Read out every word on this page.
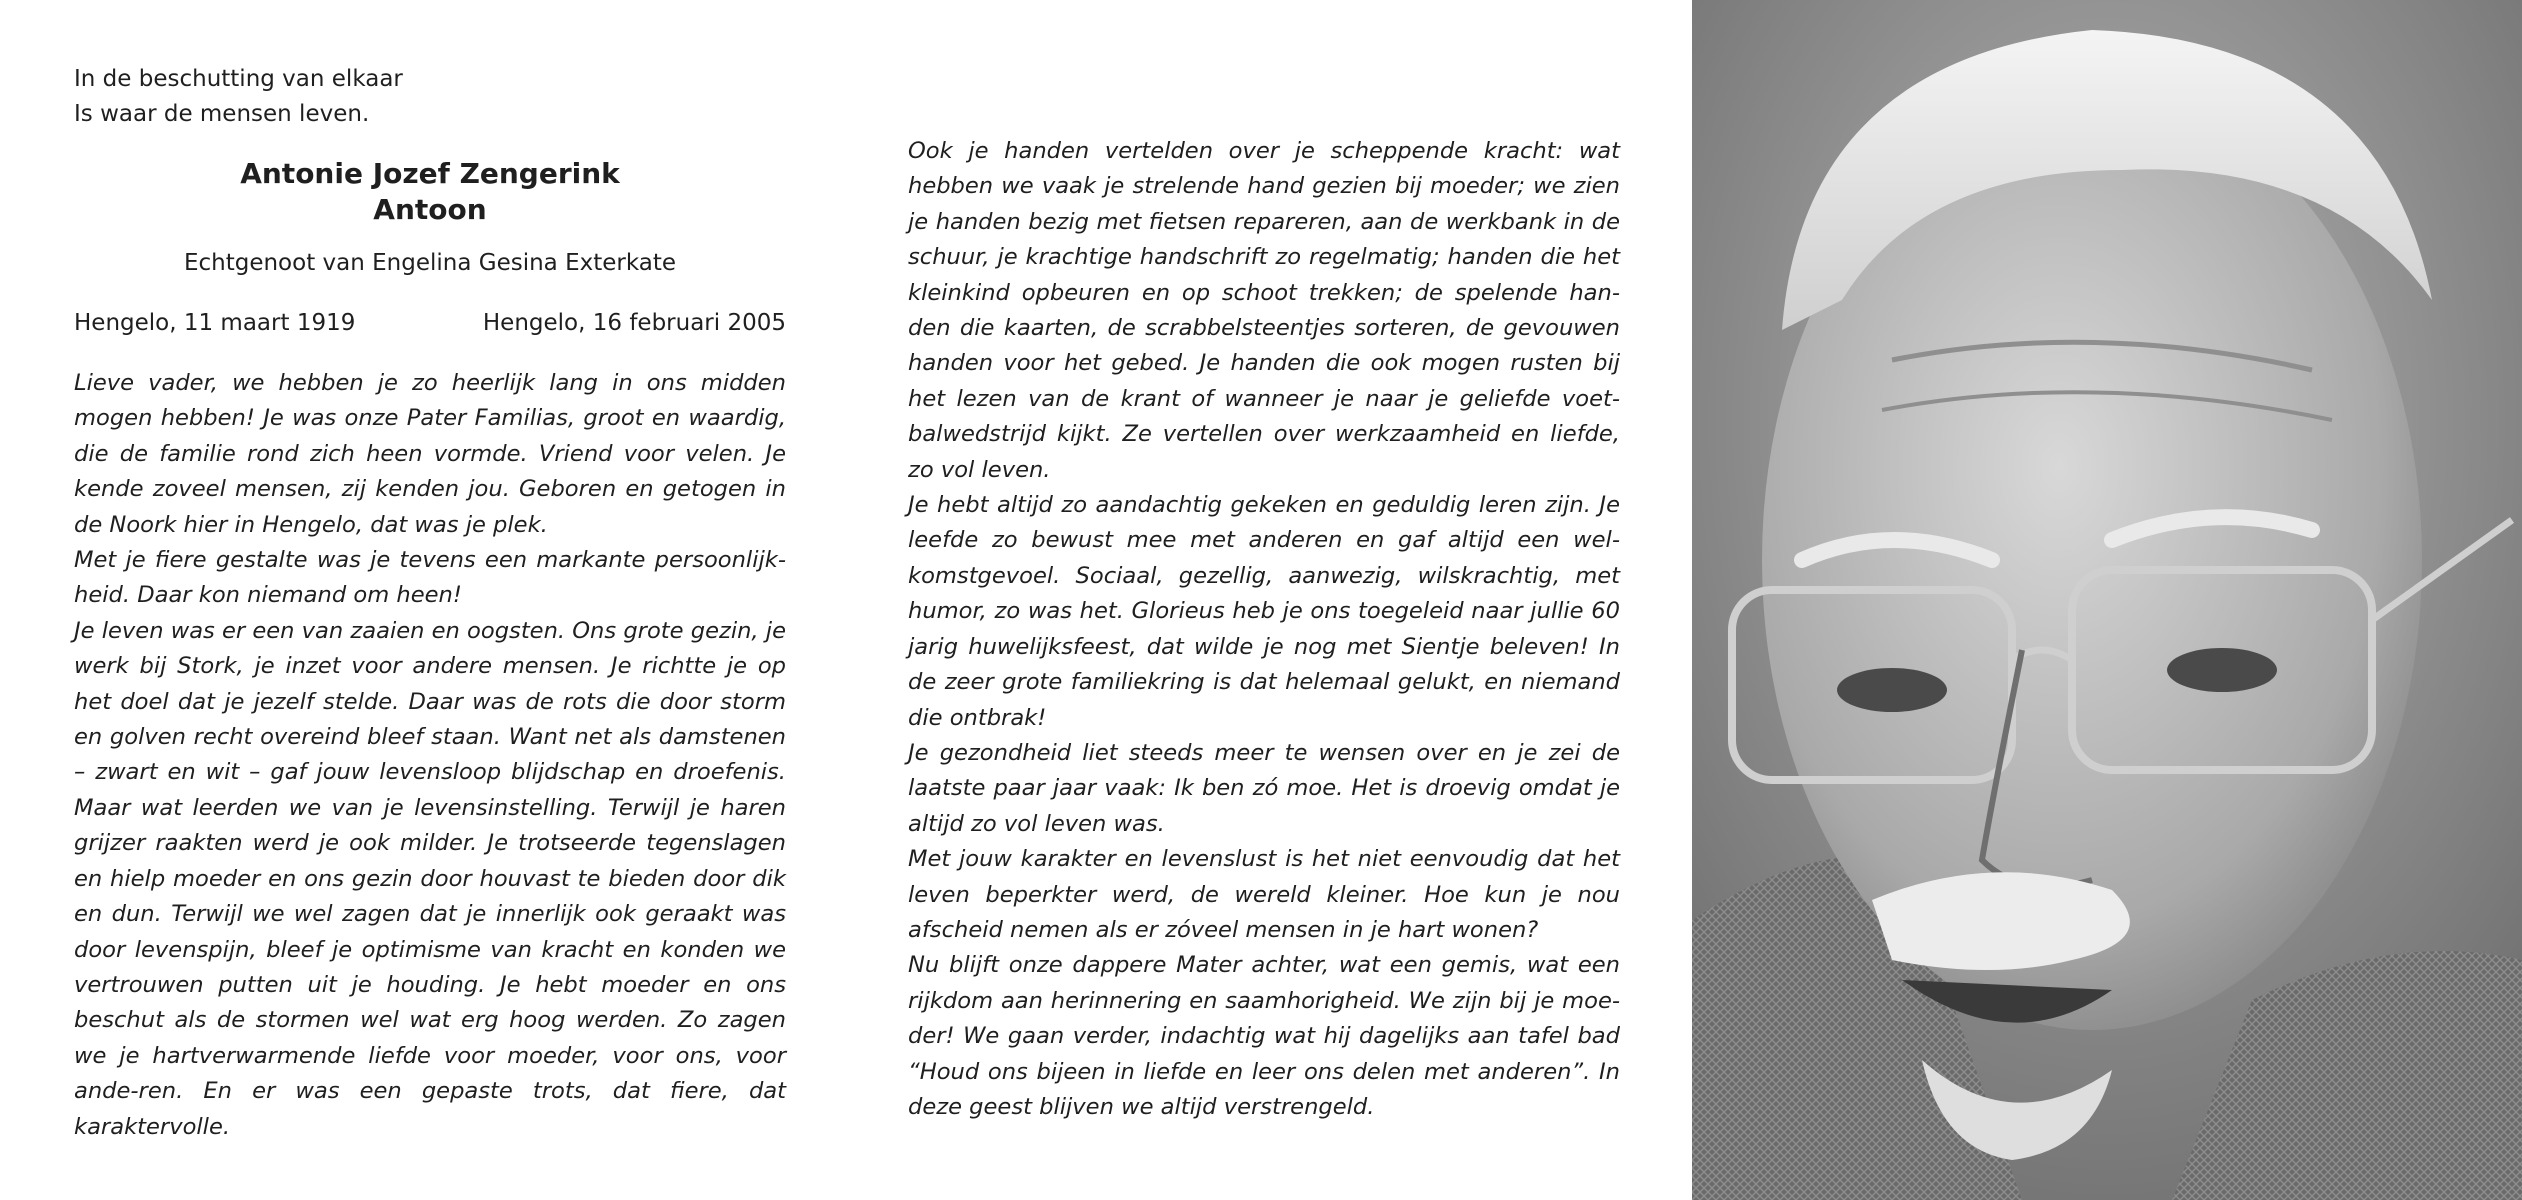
In de beschutting van elkaar
Is waar de mensen leven.

Antonie Jozef Zengerink

Antoon

Echtgenoot van Engelina Gesina Exterkate
Hengelo, 11 maart 1919	Hengelo, 16 februari 2005

Lieve vader, we hebben je zo heerlijk lang in ons midden mogen hebben! Je was onze Pater Familias, groot en waardig, die de familie rond zich heen vormde. Vriend voor velen. Je kende zoveel mensen, zij kenden jou. Geboren en getogen in de Noork hier in Hengelo, dat was je plek.
Met je fiere gestalte was je tevens een markante persoonlijk-heid. Daar kon niemand om heen!
Je leven was er een van zaaien en oogsten. Ons grote gezin, je werk bij Stork, je inzet voor andere mensen. Je richtte je op het doel dat je jezelf stelde. Daar was de rots die door storm en golven recht overeind bleef staan. Want net als damstenen – zwart en wit – gaf jouw levensloop blijdschap en droefenis. Maar wat leerden we van je levensinstelling. Terwijl je haren grijzer raakten werd je ook milder. Je trotseerde tegenslagen en hielp moeder en ons gezin door houvast te bieden door dik en dun. Terwijl we wel zagen dat je innerlijk ook geraakt was door levenspijn, bleef je optimisme van kracht en konden we vertrouwen putten uit je houding. Je hebt moeder en ons beschut als de stormen wel wat erg hoog werden. Zo zagen we je hartverwarmende liefde voor moeder, voor ons, voor ande-ren. En er was een gepaste trots, dat fiere, dat karaktervolle.

Ook je handen vertelden over je scheppende kracht: wat hebben we vaak je strelende hand gezien bij moeder; we zien je handen bezig met fietsen repareren, aan de werkbank in de schuur, je krachtige handschrift zo regelmatig; handen die het kleinkind opbeuren en op schoot trekken; de spelende han-den die kaarten, de scrabbelsteentjes sorteren, de gevouwen handen voor het gebed. Je handen die ook mogen rusten bij het lezen van de krant of wanneer je naar je geliefde voet-balwedstrijd kijkt. Ze vertellen over werkzaamheid en liefde, zo vol leven.
Je hebt altijd zo aandachtig gekeken en geduldig leren zijn. Je leefde zo bewust mee met anderen en gaf altijd een wel-komstgevoel. Sociaal, gezellig, aanwezig, wilskrachtig, met humor, zo was het. Glorieus heb je ons toegeleid naar jullie 60 jarig huwelijksfeest, dat wilde je nog met Sientje beleven! In de zeer grote familiekring is dat helemaal gelukt, en niemand die ontbrak!
Je gezondheid liet steeds meer te wensen over en je zei de laatste paar jaar vaak: Ik ben zó moe. Het is droevig omdat je altijd zo vol leven was.
Met jouw karakter en levenslust is het niet eenvoudig dat het leven beperkter werd, de wereld kleiner. Hoe kun je nou afscheid nemen als er zóveel mensen in je hart wonen?
Nu blijft onze dappere Mater achter, wat een gemis, wat een rijkdom aan herinnering en saamhorigheid. We zijn bij je moe-der! We gaan verder, indachtig wat hij dagelijks aan tafel bad “Houd ons bijeen in liefde en leer ons delen met anderen”. In deze geest blijven we altijd verstrengeld.
